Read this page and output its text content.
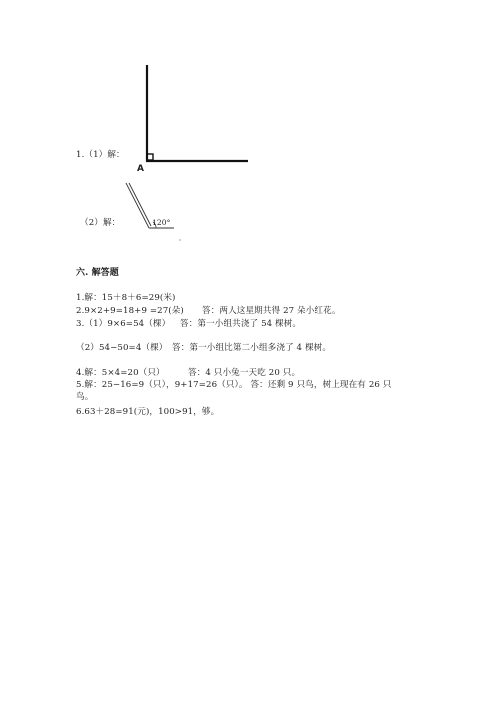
1.（1）解：
A
（2）解：	120°
六. 解答题
1.解：15＋8＋6=29(米)
2.9×2+9=18+9 =27(朵) 答：两人这星期共得 27 朵小红花。
3.（1）9×6=54（棵） 答：第一小组共浇了 54 棵树。
（2）54−50=4（棵） 答：第一小组比第二小组多浇了 4 棵树。
4.解：5×4=20（只）	答：4 只小兔一天吃 20 只。
5.解：25−16=9（只），9+17=26（只）。 答：还剩 9 只鸟，树上现在有 26 只
鸟。
6.63＋28=91(元)，100>91，够。
